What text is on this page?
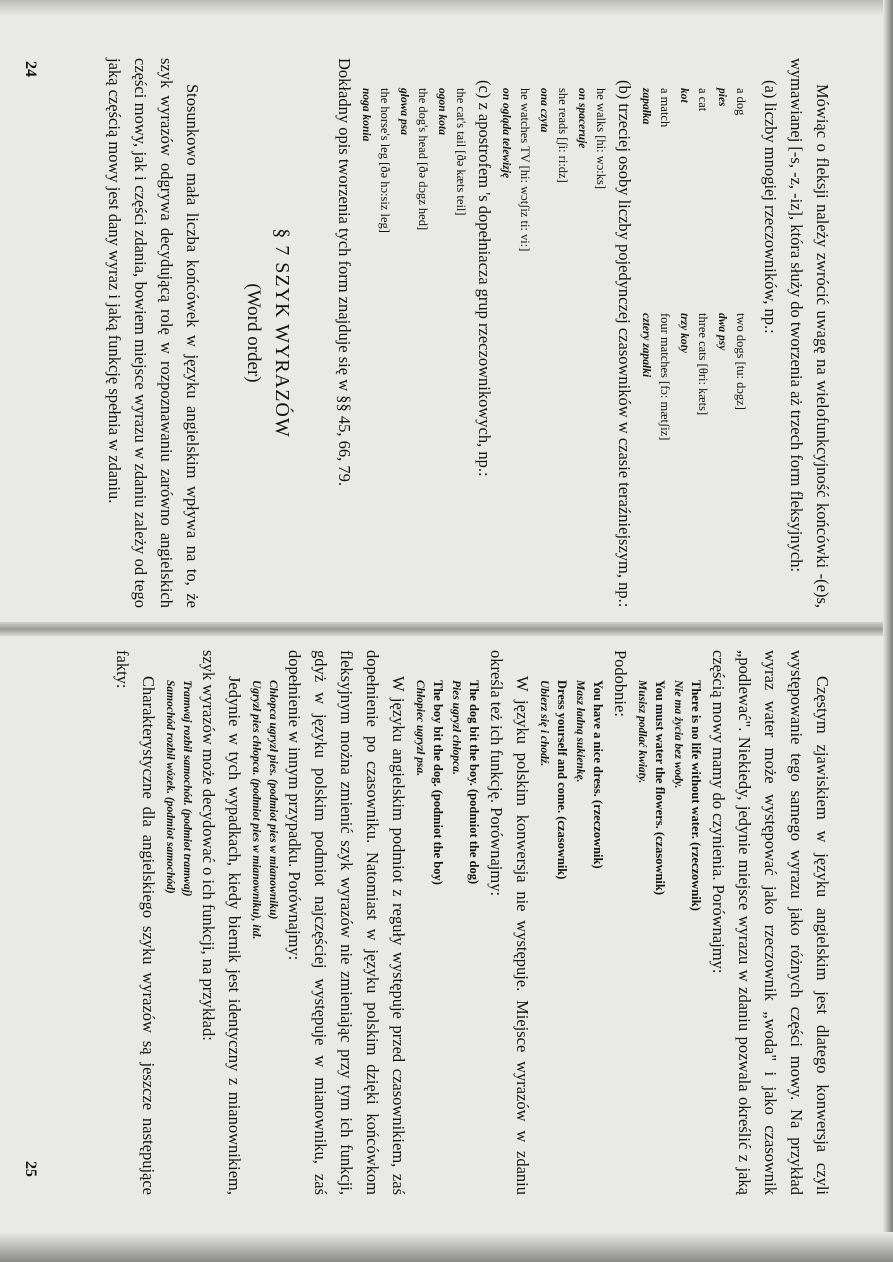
24
25

Mówiąc o fleksji należy zwrócić uwagę na wielofunkcyjność końcówki -(e)s, wymawianej [-s, -z, -iz], która służy do tworzenia aż trzech form fleksyjnych:

(a) liczby mnogiej rzeczowników, np.:

a dog
two dogs [tu: dɔgz]
pies
dwa psy
a cat
three cats [θri: kæts]
kot
trzy koty
a match
four matches [fɔ: mætʃiz]
zapałka
cztery zapałki

(b) trzeciej osoby liczby pojedynczej czasowników w czasie teraźniejszym, np.:

he walks [hi: wɔ:ks]

on spaceruje

she reads [ʃi: ri:dz]

ona czyta

he watches TV [hi: wɔtʃiz ti: vi:]

on ogląda telewizję

(c) z apostrofem 's dopełniacza grup rzeczownikowych, np.:

the cat's tail [ðə kæts teil]

ogon kota

the dog's head [ðə dɔgz hed]

głowa psa

the horse's leg [ðə hɔ:siz leg]

noga konia

Dokładny opis tworzenia tych form znajduje się w §§ 45, 66, 79.

§ 7 SZYK WYRAZÓW

(Word order)

Stosunkowo mała liczba końcówek w języku angielskim wpływa na to, że szyk wyrazów odgrywa decydującą rolę w rozpoznawaniu zarówno angielskich części mowy, jak i części zdania, bowiem miejsce wyrazu w zdaniu zależy od tego jaką częścią mowy jest dany wyraz i jaką funkcję spełnia w zdaniu.

Częstym zjawiskiem w języku angielskim jest dlatego konwersja czyli występowanie tego samego wyrazu jako różnych części mowy. Na przykład wyraz water może występować jako rzeczownik „woda" i jako czasownik „podlewać". Niekiedy, jedynie miejsce wyrazu w zdaniu pozwala określić z jaką częścią mowy mamy do czynienia. Porównajmy:

There is no life without water. (rzeczownik)

Nie ma życia bez wody.

You must water the flowers. (czasownik)

Musisz podlać kwiaty.

Podobnie:

You have a nice dress. (rzeczownik)

Masz ładną sukienkę.

Dress yourself and come. (czasownik)

Ubierz się i chodź.

W języku polskim konwersja nie występuje. Miejsce wyrazów w zdaniu określa też ich funkcję. Porównajmy:

The dog bit the boy. (podmiot the dog)

Pies ugryzł chłopca.

The boy bit the dog. (podmiot the boy)

Chłopiec ugryzł psa.

W języku angielskim podmiot z reguły występuje przed czasownikiem, zaś dopełnienie po czasowniku. Natomiast w języku polskim dzięki końcówkom fleksyjnym można zmienić szyk wyrazów nie zmieniając przy tym ich funkcji, gdyż w języku polskim podmiot najczęściej występuje w mianowniku, zaś dopełnienie w innym przypadku. Porównajmy:

Chłopca ugryzł pies. (podmiot pies w mianowniku)

Ugryzł pies chłopca. (podmiot pies w mianowniku), itd.

Jedynie w tych wypadkach, kiedy biernik jest identyczny z mianownikiem, szyk wyrazów może decydować o ich funkcji, na przykład:

Tramwaj rozbił samochód. (podmiot tramwaj)

Samochód rozbił wózek. (podmiot samochód)

Charakterystyczne dla angielskiego szyku wyrazów są jeszcze następujące fakty:
